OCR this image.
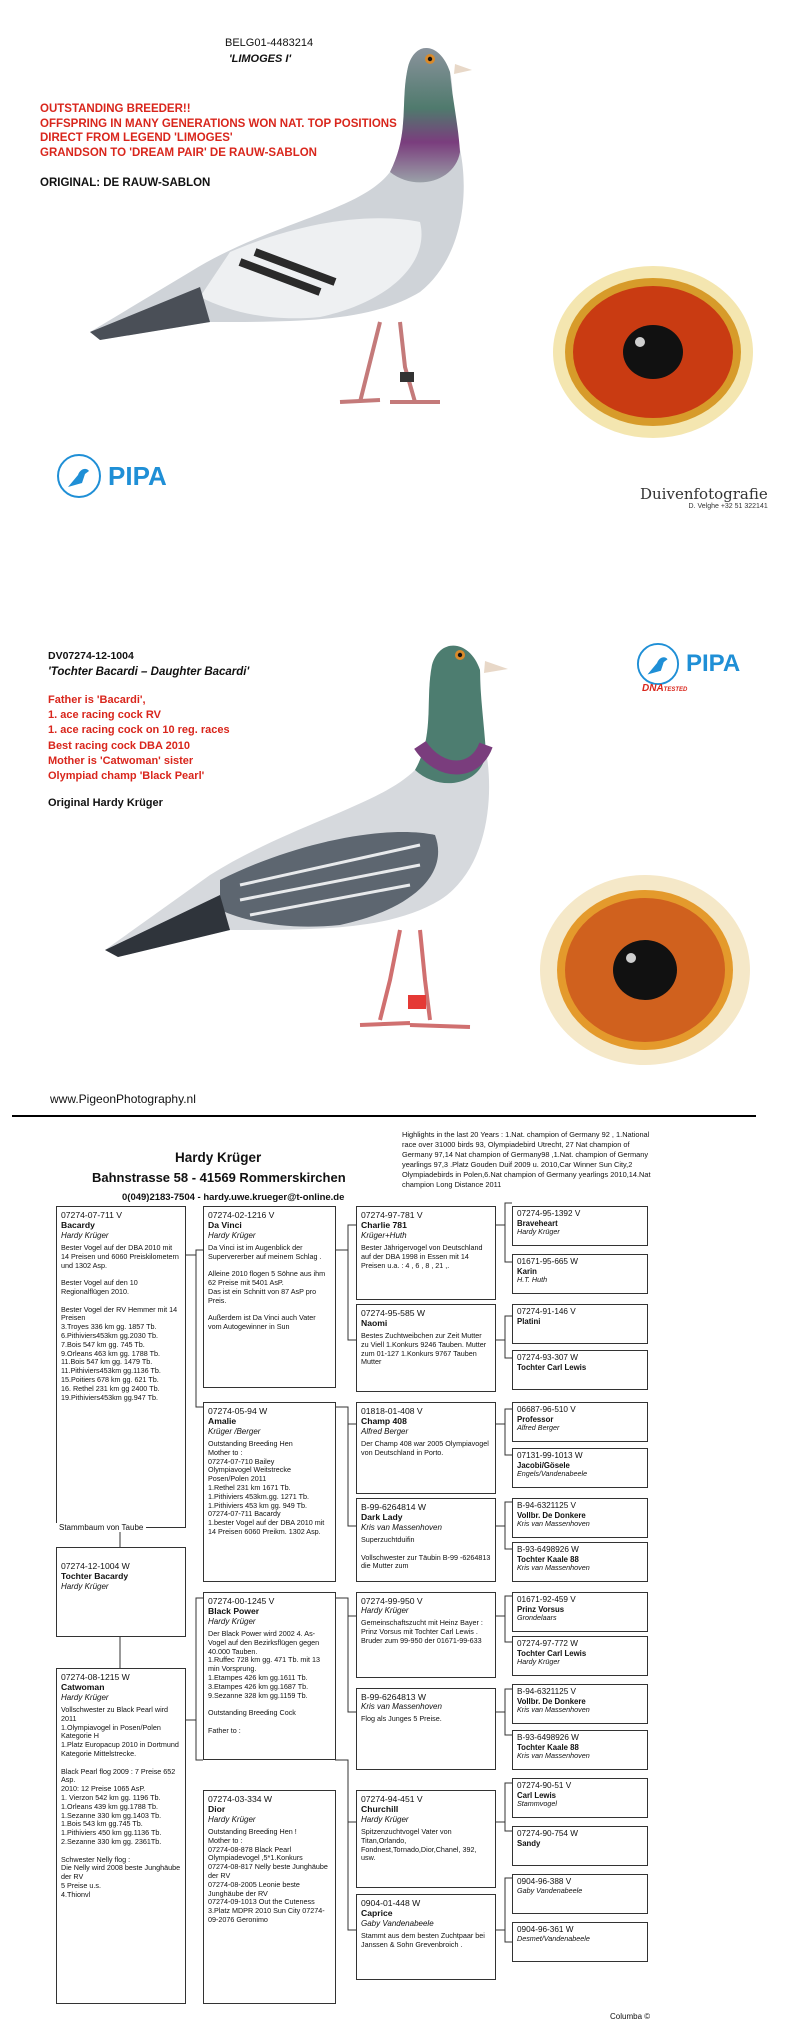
BELG01-4483214
'LIMOGES I'
OUTSTANDING BREEDER!!
OFFSPRING IN MANY GENERATIONS WON NAT. TOP POSITIONS
DIRECT FROM LEGEND 'LIMOGES'
GRANDSON TO 'DREAM PAIR' DE RAUW-SABLON
ORIGINAL: DE RAUW-SABLON
PIPA
Duivenfotografie
D. Velghe +32 51 322141
DV07274-12-1004
'Tochter Bacardi – Daughter Bacardi'
Father is 'Bacardi',
1. ace racing cock RV
1. ace racing cock on 10 reg. races
Best racing cock DBA 2010
Mother is 'Catwoman' sister
Olympiad champ 'Black Pearl'
Original Hardy Krüger
PIPA
DNATESTED
www.PigeonPhotography.nl
Hardy Krüger
Bahnstrasse 58 - 41569 Rommerskirchen
0(049)2183-7504 - hardy.uwe.krueger@t-online.de
Highlights in the last 20 Years : 1.Nat. champion of Germany 92 , 1.National race over 31000 birds 93, Olympiadebird Utrecht, 27 Nat champion of Germany 97,14 Nat champion of Germany98 ,1.Nat. champion of Germany yearlings 97,3 .Platz Gouden Duif 2009 u. 2010,Car Winner Sun City,2 Olympiadebirds in Polen,6.Nat champion of Germany yearlings 2010,14.Nat champion Long Distance 2011
07274-07-711 V
Bacardy
Hardy Krüger
Bester Vogel auf der DBA 2010 mit 14 Preisen und 6060 Preiskilometern und 1302 Asp.

Bester Vogel auf den 10 Regionalflügen 2010.

Bester Vogel der RV Hemmer mit 14 Preisen
3.Troyes 336 km gg. 1857 Tb.
6.Pithiviers453km gg.2030 Tb.
7.Bois 547 km gg. 745 Tb.
9.Orleans 463 km gg. 1788 Tb.
11.Bois 547 km gg. 1479 Tb.
11.Pithiviers453km gg.1136 Tb.
15.Poitiers 678 km gg. 621 Tb.
16. Rethel 231 km gg 2400 Tb.
19.Pithiviers453km gg.947 Tb.
Stammbaum von Taube
07274-12-1004 W
Tochter Bacardy
Hardy Krüger
07274-08-1215 W
Catwoman
Hardy Krüger
Vollschwester zu Black Pearl wird 2011
1.Olympiavogel in Posen/Polen Kategorie H
1.Platz Europacup 2010 in Dortmund Kategorie Mittelstrecke.

Black Pearl flog 2009 : 7 Preise 652 Asp.
2010: 12 Preise 1065 AsP.
1. Vierzon 542 km gg. 1196 Tb.
1.Orleans 439 km gg.1788 Tb.
1.Sezanne 330 km gg.1403 Tb.
1.Bois 543 km gg.745 Tb.
1.Pithiviers 450 km gg.1136 Tb.
2.Sezanne 330 km gg. 2361Tb.

Schwester Nelly flog :
Die Nelly wird 2008 beste Junghäube der RV
5 Preise u.s.
4.Thionvl
07274-02-1216 V
Da Vinci
Hardy Krüger
Da Vinci ist im Augenblick der Supervererber auf meinem Schlag .

Alleine 2010 flogen 5 Söhne aus ihm 62 Preise mit 5401 AsP.
Das ist ein Schnitt von 87 AsP pro Preis.

Außerdem ist Da Vinci auch Vater vom Autogewinner in Sun
07274-05-94 W
Amalie
Krüger /Berger
Outstanding Breeding Hen
Mother to :
07274-07-710 Bailey
Olympiavogel Weitstrecke Posen/Polen 2011
1.Rethel 231 km 1671 Tb.
1.Pithiviers 453km.gg. 1271 Tb.
1.Pithiviers 453 km gg. 949 Tb.
07274-07-711 Bacardy
1.bester Vogel auf der DBA 2010 mit 14 Preisen 6060 Preikm. 1302 Asp.
07274-00-1245 V
Black Power
Hardy Krüger
Der Black Power wird 2002 4. As-Vogel auf den Bezirksflügen gegen 40.000 Tauben.
1.Ruffec 728 km gg. 471 Tb. mit 13 min Vorsprung.
1.Etampes 426 km gg.1611 Tb.
3.Etampes 426 km gg.1687 Tb.
9.Sezanne 328 km gg.1159 Tb.

Outstanding Breeding Cock

Father to :
07274-03-334 W
Dior
Hardy Krüger
Outstanding Breeding Hen !
Mother to :
07274-08-878 Black Pearl Olympiadevogel ,5*1.Konkurs
07274-08-817 Nelly beste Junghäube der RV
07274-08-2005 Leonie beste Junghäube der RV
07274-09-1013 Out the Cuteness
3.Platz MDPR 2010 Sun City 07274-09-2076 Geronimo
07274-97-781 V
Charlie 781
Krüger+Huth
Bester Jährigervogel von Deutschland auf der DBA 1998 in Essen mit 14 Preisen u.a. : 4 , 6 , 8 , 21 ,.
07274-95-585 W
Naomi
Bestes Zuchtweibchen zur Zeit Mutter zu Viell 1.Konkurs 9246 Tauben. Mutter zum 01-127 1.Konkurs 9767 Tauben Mutter
01818-01-408 V
Champ 408
Alfred Berger
Der Champ 408 war 2005 Olympiavogel von Deutschland in Porto.
B-99-6264814 W
Dark Lady
Kris van Massenhoven
Superzuchtduifin

Vollschwester zur Täubin B-99 -6264813 die Mutter zum
07274-99-950 V
Hardy Krüger
Gemeinschaftszucht mit Heinz Bayer : Prinz Vorsus mit Tochter Carl Lewis . Bruder zum 99-950 der 01671-99-633
B-99-6264813 W
Kris van Massenhoven
Flog als Junges 5 Preise.
07274-94-451 V
Churchill
Hardy Krüger
Spitzenzuchtvogel Vater von Titan,Orlando, Fondnest,Tornado,Dior,Chanel, 392, usw.
0904-01-448 W
Caprice
Gaby Vandenabeele
Stammt aus dem besten Zuchtpaar bei Janssen & Sohn Grevenbroich .
07274-95-1392 V
Braveheart
Hardy Krüger
01671-95-665 W
Karin
H.T. Huth
07274-91-146 V
Platini
07274-93-307 W
Tochter Carl Lewis
06687-96-510 V
Professor
Alfred Berger
07131-99-1013 W
Jacobi/Gösele
Engels/Vandenabeele
B-94-6321125 V
Vollbr. De Donkere
Kris van Massenhoven
B-93-6498926 W
Tochter Kaale 88
Kris van Massenhoven
01671-92-459 V
Prinz Vorsus
Grondelaars
07274-97-772 W
Tochter Carl Lewis
Hardy Krüger
B-94-6321125 V
Vollbr. De Donkere
Kris van Massenhoven
B-93-6498926 W
Tochter Kaale 88
Kris van Massenhoven
07274-90-51 V
Carl Lewis
Stammvogel
07274-90-754 W
Sandy
0904-96-388 V
Gaby Vandenabeele
0904-96-361 W
Desmet/Vandenabeele
Columba ©
